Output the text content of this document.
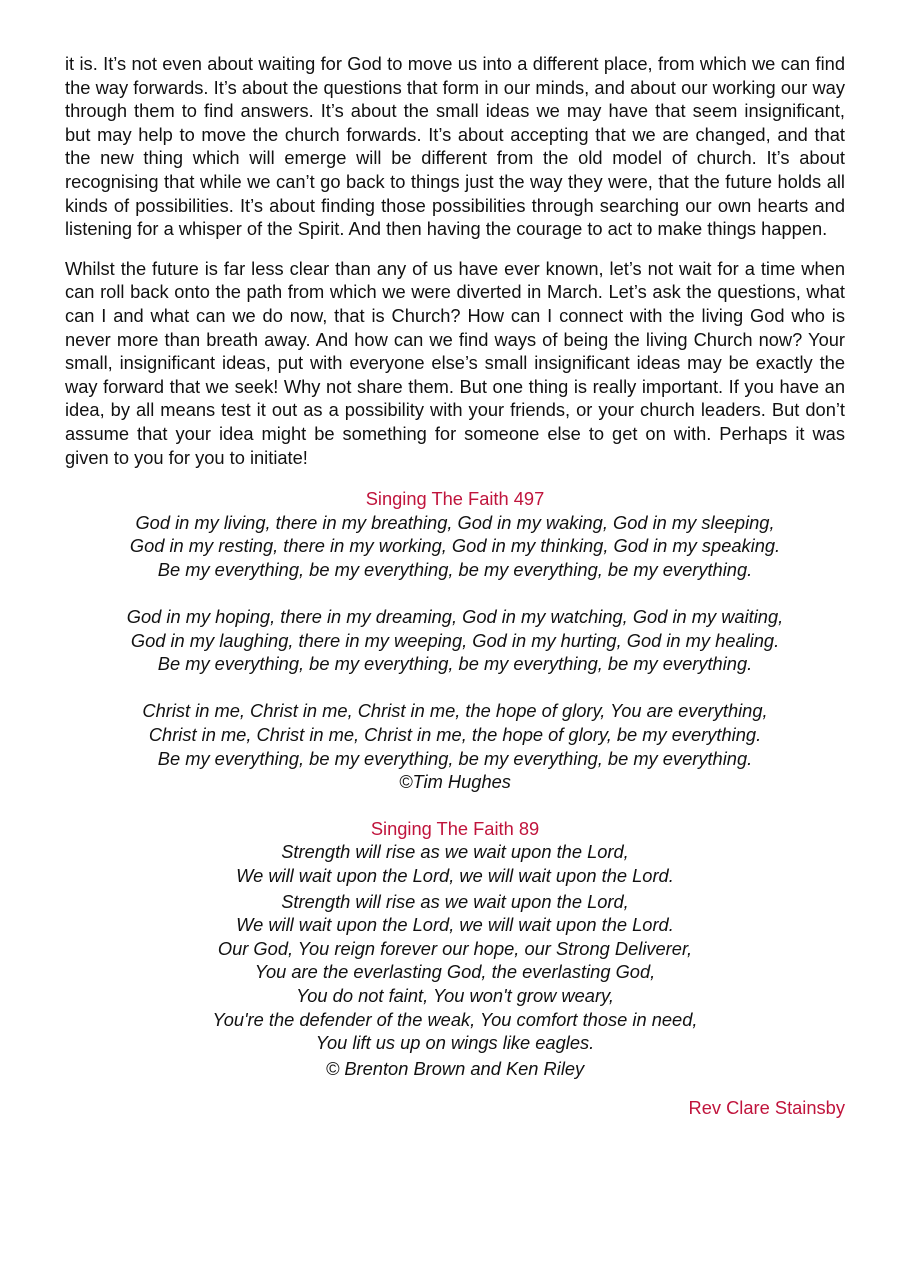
it is. It’s not even about waiting for God to move us into a different place, from which we can find the way forwards. It’s about the questions that form in our minds, and about our working our way through them to find answers. It’s about the small ideas we may have that seem insignificant, but may help to move the church forwards. It’s about accepting that we are changed, and that the new thing which will emerge will be different from the old model of church. It’s about recognising that while we can’t go back to things just the way they were, that the future holds all kinds of possibilities. It’s about finding those possibilities through searching our own hearts and listening for a whisper of the Spirit. And then having the courage to act to make things happen.

Whilst the future is far less clear than any of us have ever known, let’s not wait for a time when can roll back onto the path from which we were diverted in March. Let’s ask the questions, what can I and what can we do now, that is Church? How can I connect with the living God who is never more than breath away. And how can we find ways of being the living Church now? Your small, insignificant ideas, put with everyone else’s small insignificant ideas may be exactly the way forward that we seek! Why not share them. But one thing is really important. If you have an idea, by all means test it out as a possibility with your friends, or your church leaders. But don’t assume that your idea might be something for someone else to get on with. Perhaps it was given to you for you to initiate!

Singing The Faith 497
God in my living, there in my breathing, God in my waking, God in my sleeping,
God in my resting, there in my working, God in my thinking, God in my speaking.
Be my everything, be my everything, be my everything, be my everything.
God in my hoping, there in my dreaming, God in my watching, God in my waiting,
God in my laughing, there in my weeping, God in my hurting, God in my healing.
Be my everything, be my everything, be my everything, be my everything.
Christ in me, Christ in me, Christ in me, the hope of glory, You are everything,
Christ in me, Christ in me, Christ in me, the hope of glory, be my everything.
Be my everything, be my everything, be my everything, be my everything.
©Tim Hughes
Singing The Faith 89
Strength will rise as we wait upon the Lord,
We will wait upon the Lord, we will wait upon the Lord.
Strength will rise as we wait upon the Lord,
We will wait upon the Lord, we will wait upon the Lord.
Our God, You reign forever our hope, our Strong Deliverer,
You are the everlasting God, the everlasting God,
You do not faint, You won't grow weary,
You're the defender of the weak, You comfort those in need,
You lift us up on wings like eagles.
© Brenton Brown and Ken Riley
Rev Clare Stainsby
